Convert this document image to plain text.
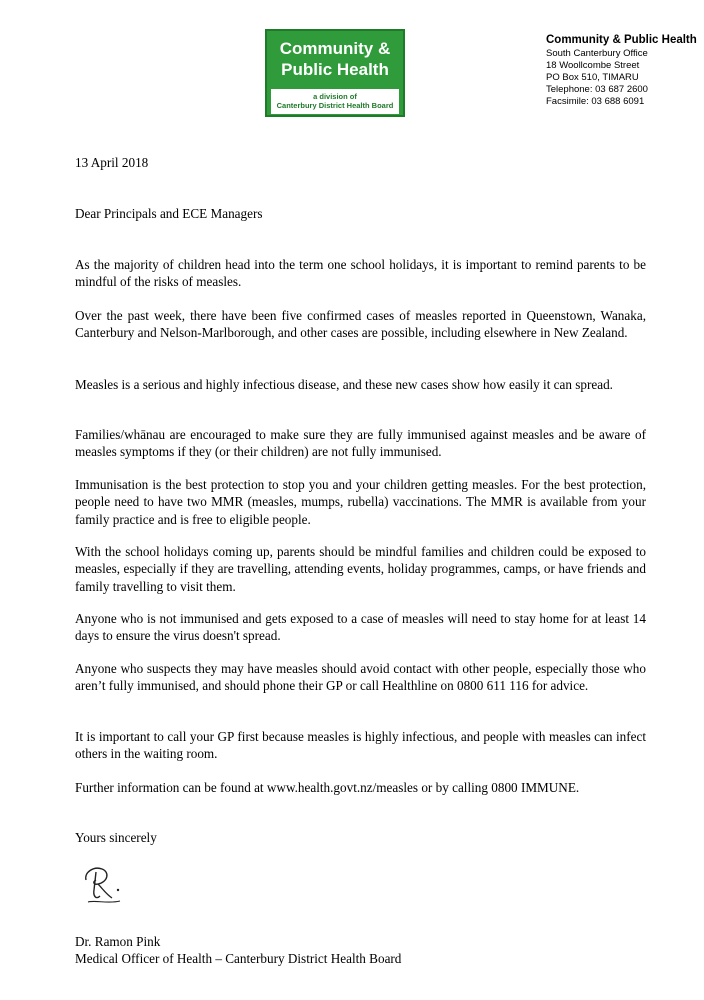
Community &
Public Health
a division of
Canterbury District Health Board
Community & Public Health
South Canterbury Office
18 Woollcombe Street
PO Box 510, TIMARU
Telephone: 03 687 2600
Facsimile: 03 688 6091
13 April 2018
Dear Principals and ECE Managers
As the majority of children head into the term one school holidays, it is important to remind parents to be mindful of the risks of measles.
Over the past week, there have been five confirmed cases of measles reported in Queenstown, Wanaka, Canterbury and Nelson-Marlborough, and other cases are possible, including elsewhere in New Zealand.
Measles is a serious and highly infectious disease, and these new cases show how easily it can spread.
Families/whānau are encouraged to make sure they are fully immunised against measles and be aware of measles symptoms if they (or their children) are not fully immunised.
Immunisation is the best protection to stop you and your children getting measles. For the best protection, people need to have two MMR (measles, mumps, rubella) vaccinations. The MMR is available from your family practice and is free to eligible people.
With the school holidays coming up, parents should be mindful families and children could be exposed to measles, especially if they are travelling, attending events, holiday programmes, camps, or have friends and family travelling to visit them.
Anyone who is not immunised and gets exposed to a case of measles will need to stay home for at least 14 days to ensure the virus doesn't spread.
Anyone who suspects they may have measles should avoid contact with other people, especially those who aren’t fully immunised, and should phone their GP or call Healthline on 0800 611 116 for advice.
It is important to call your GP first because measles is highly infectious, and people with measles can infect others in the waiting room.
Further information can be found at www.health.govt.nz/measles or by calling 0800 IMMUNE.
Yours sincerely
Dr. Ramon Pink
Medical Officer of Health – Canterbury District Health Board
